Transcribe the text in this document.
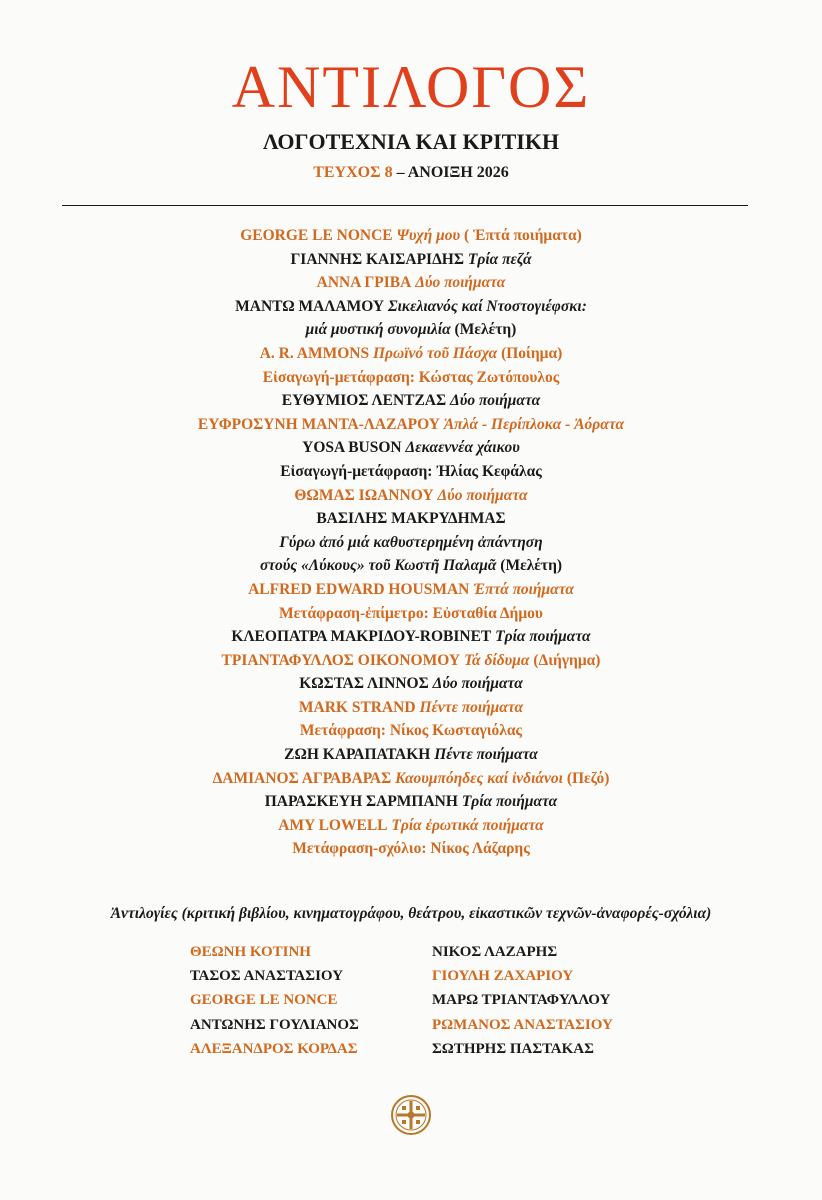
ΑΝΤΙΛΟΓΟΣ
ΛΟΓΟΤΕΧΝΙΑ ΚΑΙ ΚΡΙΤΙΚΗ
ΤΕΥΧΟΣ 8 – ΑΝΟΙΞΗ 2026
GEORGE LE NONCE Ψυχή μου ( Ἑπτά ποιήματα)
ΓΙΑΝΝΗΣ ΚΑΙΣΑΡΙΔΗΣ Τρία πεζά
ΑΝΝΑ ΓΡΙΒΑ Δύο ποιήματα
ΜΑΝΤΩ ΜΑΛΑΜΟΥ Σικελιανός καί Ντοστογιέφσκι:
μιά μυστική συνομιλία (Μελέτη)
A. R. AMMONS Πρωϊνό τοῦ Πάσχα (Ποίημα)
Εἰσαγωγή-μετάφραση: Κώστας Ζωτόπουλος
ΕΥΘΥΜΙΟΣ ΛΕΝΤΖΑΣ Δύο ποιήματα
ΕΥΦΡΟΣΥΝΗ ΜΑΝΤΑ-ΛΑΖΑΡΟΥ Ἁπλά - Περίπλοκα - Ἀόρατα
YOSA BUSON Δεκαεννέα χάικου
Εἰσαγωγή-μετάφραση: Ἠλίας Κεφάλας
ΘΩΜΑΣ ΙΩΑΝΝΟΥ Δύο ποιήματα
ΒΑΣΙΛΗΣ ΜΑΚΡΥΔΗΜΑΣ
Γύρω ἀπό μιά καθυστερημένη ἀπάντηση
στούς «Λύκους» τοῦ Κωστῆ Παλαμᾶ (Μελέτη)
ALFRED EDWARD HOUSMAN Ἑπτά ποιήματα
Μετάφραση-ἐπίμετρο: Εὐσταθία Δήμου
ΚΛΕΟΠΑΤΡΑ ΜΑΚΡΙΔΟΥ-ROBINET Τρία ποιήματα
ΤΡΙΑΝΤΑΦΥΛΛΟΣ ΟΙΚΟΝΟΜΟΥ Τά δίδυμα (Διήγημα)
ΚΩΣΤΑΣ ΛΙΝΝΟΣ Δύο ποιήματα
MARK STRAND Πέντε ποιήματα
Μετάφραση: Νίκος Κωσταγιόλας
ΖΩΗ ΚΑΡΑΠΑΤΑΚΗ Πέντε ποιήματα
ΔΑΜΙΑΝΟΣ ΑΓΡΑΒΑΡΑΣ Καουμπόηδες καί ἰνδιάνοι (Πεζό)
ΠΑΡΑΣΚΕΥΗ ΣΑΡΜΠΑΝΗ Τρία ποιήματα
AMY LOWELL Τρία ἐρωτικά ποιήματα
Μετάφραση-σχόλιο: Νίκος Λάζαρης
Ἀντιλογίες (κριτική βιβλίου, κινηματογράφου, θεάτρου, εἰκαστικῶν τεχνῶν-ἀναφορές-σχόλια)
ΘΕΩΝΗ ΚΟΤΙΝΗ
ΤΑΣΟΣ ΑΝΑΣΤΑΣΙΟΥ
GEORGE LE NONCE
ΑΝΤΩΝΗΣ ΓΟΥΛΙΑΝΟΣ
ΑΛΕΞΑΝΔΡΟΣ ΚΟΡΔΑΣ
ΝΙΚΟΣ ΛΑΖΑΡΗΣ
ΓΙΟΥΛΗ ΖΑΧΑΡΙΟΥ
ΜΑΡΩ ΤΡΙΑΝΤΑΦΥΛΛΟΥ
ΡΩΜΑΝΟΣ ΑΝΑΣΤΑΣΙΟΥ
ΣΩΤΗΡΗΣ ΠΑΣΤΑΚΑΣ
